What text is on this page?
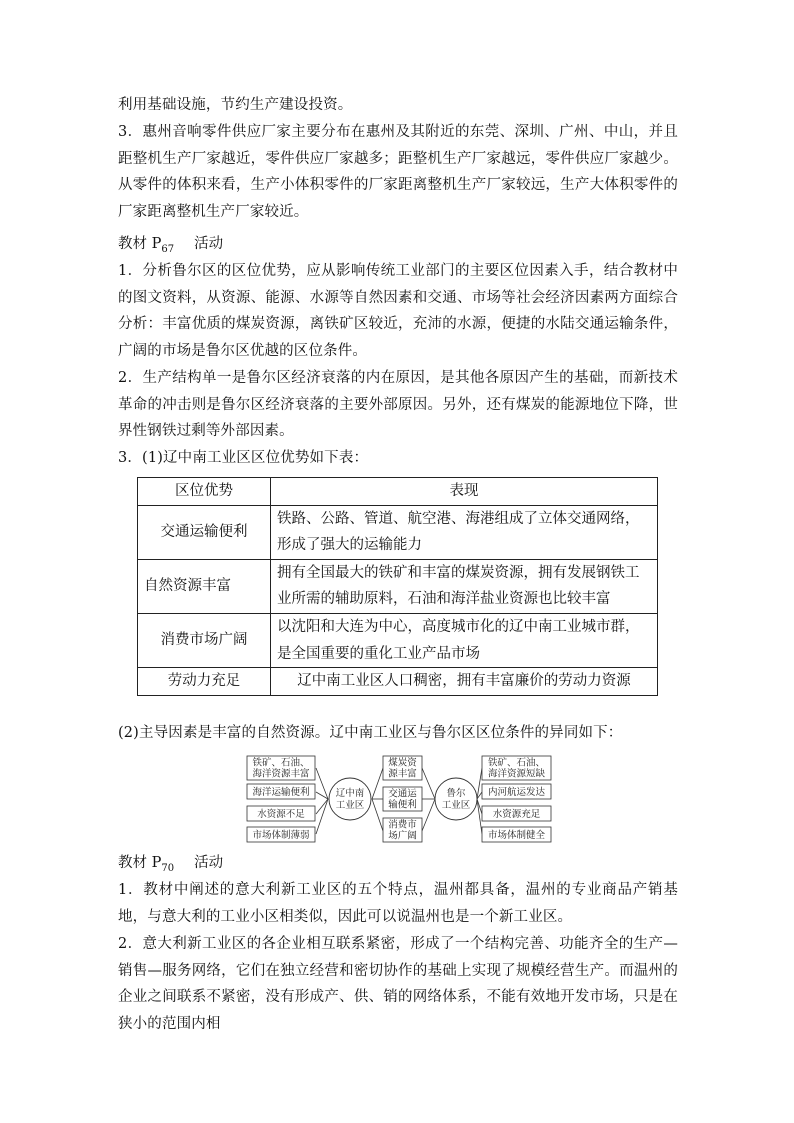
利用基础设施，节约生产建设投资。

3．惠州音响零件供应厂家主要分布在惠州及其附近的东莞、深圳、广州、中山，并且距整机生产厂家越近，零件供应厂家越多；距整机生产厂家越远，零件供应厂家越少。从零件的体积来看，生产小体积零件的厂家距离整机生产厂家较远，生产大体积零件的厂家距离整机生产厂家较近。

教材 $P_{67}$ 活动

1．分析鲁尔区的区位优势，应从影响传统工业部门的主要区位因素入手，结合教材中的图文资料，从资源、能源、水源等自然因素和交通、市场等社会经济因素两方面综合分析：丰富优质的煤炭资源，离铁矿区较近，充沛的水源，便捷的水陆交通运输条件，广阔的市场是鲁尔区优越的区位条件。

2．生产结构单一是鲁尔区经济衰落的内在原因，是其他各原因产生的基础，而新技术革命的冲击则是鲁尔区经济衰落的主要外部原因。另外，还有煤炭的能源地位下降，世界性钢铁过剩等外部因素。

3．(1)辽中南工业区区位优势如下表：

区位优势	表现
交通运输便利	铁路、公路、管道、航空港、海港组成了立体交通网络，形成了强大的运输能力
自然资源丰富	拥有全国最大的铁矿和丰富的煤炭资源，拥有发展钢铁工业所需的辅助原料，石油和海洋盐业资源也比较丰富
消费市场广阔	以沈阳和大连为中心，高度城市化的辽中南工业城市群，是全国重要的重化工业产品市场
劳动力充足	辽中南工业区人口稠密，拥有丰富廉价的劳动力资源

(2)主导因素是丰富的自然资源。辽中南工业区与鲁尔区区位条件的异同如下：

铁矿、石油、
海洋资源丰富
海洋运输便利
水资源不足
市场体制薄弱
辽中南
工业区
煤炭资
源丰富
交通运
输便利
消费市
场广阔
鲁尔
工业区
铁矿、石油、
海洋资源短缺
内河航运发达
水资源充足
市场体制健全

教材 $P_{70}$ 活动

1．教材中阐述的意大利新工业区的五个特点，温州都具备，温州的专业商品产销基地，与意大利的工业小区相类似，因此可以说温州也是一个新工业区。

2．意大利新工业区的各企业相互联系紧密，形成了一个结构完善、功能齐全的生产—销售—服务网络，它们在独立经营和密切协作的基础上实现了规模经营生产。而温州的企业之间联系不紧密，没有形成产、供、销的网络体系，不能有效地开发市场，只是在狭小的范围内相
